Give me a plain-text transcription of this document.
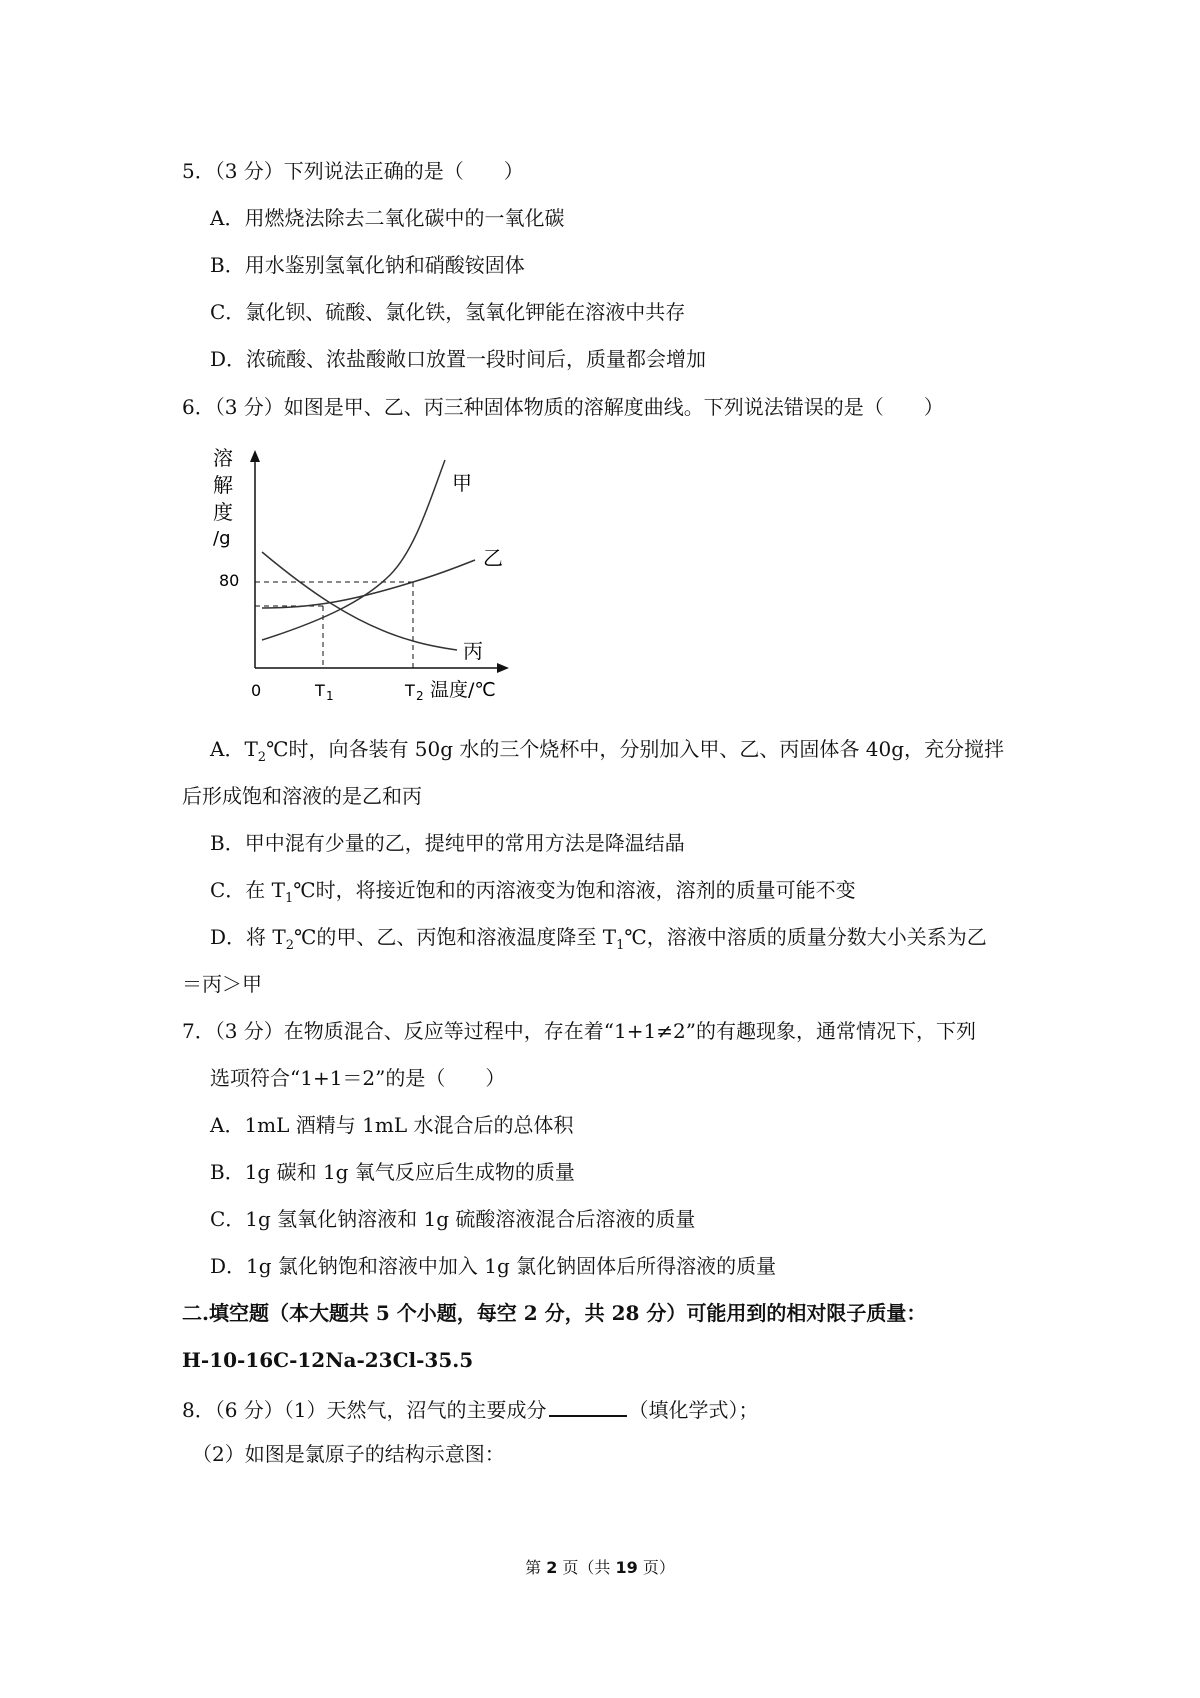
5．（3 分）下列说法正确的是（　　）
A．用燃烧法除去二氧化碳中的一氧化碳
B．用水鉴别氢氧化钠和硝酸铵固体
C．氯化钡、硫酸、氯化铁，氢氧化钾能在溶液中共存
D．浓硫酸、浓盐酸敞口放置一段时间后，质量都会增加
6．（3 分）如图是甲、乙、丙三种固体物质的溶解度曲线。下列说法错误的是（　　）
溶
解
度
/g
80
甲
乙
丙
0	T 1	T 2 温度/℃
A．$T_2℃$时，向各装有 50g 水的三个烧杯中，分别加入甲、乙、丙固体各 40g，充分搅拌
后形成饱和溶液的是乙和丙
B．甲中混有少量的乙，提纯甲的常用方法是降温结晶
C．在 $T_1℃$时，将接近饱和的丙溶液变为饱和溶液，溶剂的质量可能不变
D．将 $T_2℃$的甲、乙、丙饱和溶液温度降至 $T_1℃$，溶液中溶质的质量分数大小关系为乙
＝丙＞甲
7．（3 分）在物质混合、反应等过程中，存在着“1+1≠2”的有趣现象，通常情况下，下列
选项符合“1+1＝2”的是（　　）
A．1mL 酒精与 1mL 水混合后的总体积
B．1g 碳和 1g 氧气反应后生成物的质量
C．1g 氢氧化钠溶液和 1g 硫酸溶液混合后溶液的质量
D．1g 氯化钠饱和溶液中加入 1g 氯化钠固体后所得溶液的质量
二.填空题（本大题共 5 个小题，每空 2 分，共 28 分）可能用到的相对限子质量：
H-10-16C-12Na-23Cl-35.5
8．（6 分）（1）天然气，沼气的主要成分	（填化学式）；
（2）如图是氯原子的结构示意图：
第 2 页（共 19 页）
